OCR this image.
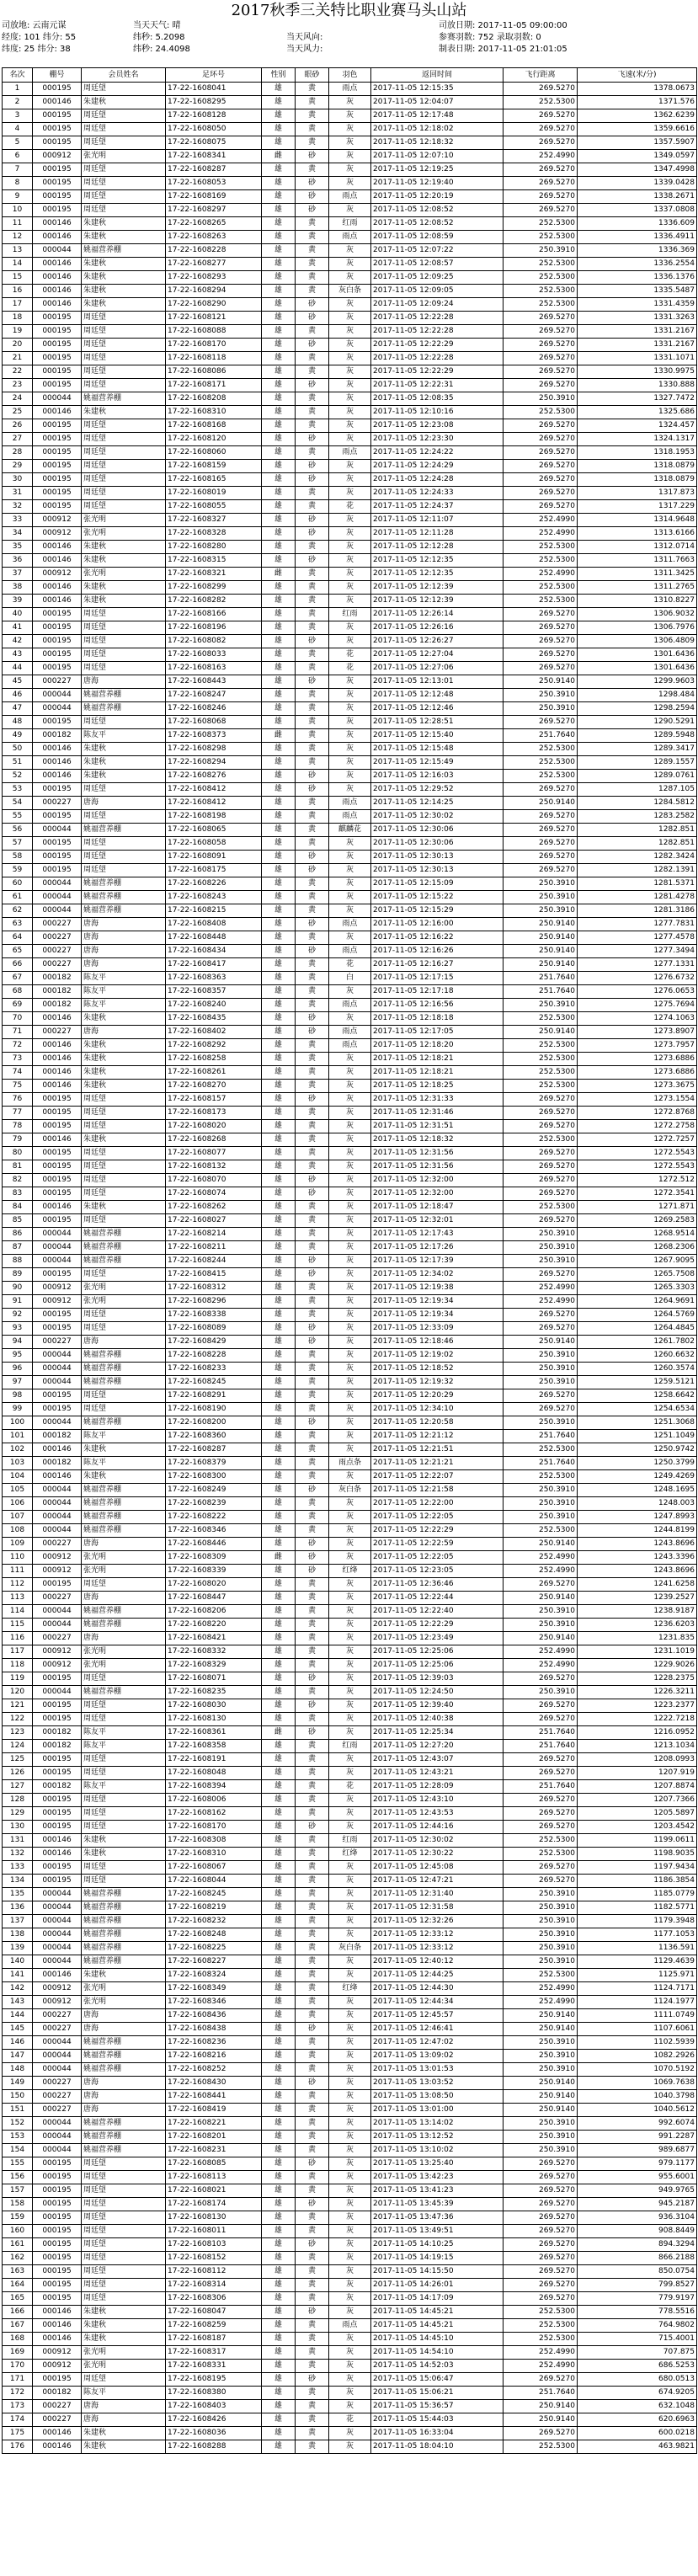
2017秋季三关特比职业赛马头山站
司放地: 云南元谋	当天天气: 晴	司放日期: 2017-11-05 09:00:00
经度: 101 纬分: 55	纬秒: 5.2098	当天风向:	参赛羽数: 752 录取羽数: 0
纬度: 25 纬分: 38	纬秒: 24.4098	当天风力:	制表日期: 2017-11-05 21:01:05
名次	棚号	会员姓名	足环号	性别	眼砂	羽色	返回时间	飞行距离	飞速(米/分)
1	000195	周廷望	17-22-1608041	雄	黄	雨点	2017-11-05 12:15:35	269.5270	1378.0673
2	000146	朱建秋	17-22-1608295	雄	黄	灰	2017-11-05 12:04:07	252.5300	1371.576
3	000195	周廷望	17-22-1608128	雄	黄	灰	2017-11-05 12:17:48	269.5270	1362.6239
4	000195	周廷望	17-22-1608050	雄	黄	灰	2017-11-05 12:18:02	269.5270	1359.6616
5	000195	周廷望	17-22-1608075	雄	黄	灰	2017-11-05 12:18:32	269.5270	1357.5907
6	000912	张光明	17-22-1608341	雌	砂	灰	2017-11-05 12:07:10	252.4990	1349.0597
7	000195	周廷望	17-22-1608287	雄	黄	灰	2017-11-05 12:19:25	269.5270	1347.4998
8	000195	周廷望	17-22-1608053	雄	砂	灰	2017-11-05 12:19:40	269.5270	1339.0428
9	000195	周廷望	17-22-1608169	雄	砂	雨点	2017-11-05 12:20:19	269.5270	1338.2671
10	000195	周廷望	17-22-1608297	雄	砂	灰	2017-11-05 12:08:52	269.5270	1337.0808
11	000146	朱建秋	17-22-1608265	雄	黄	红雨	2017-11-05 12:08:52	252.5300	1336.609
12	000146	朱建秋	17-22-1608263	雄	黄	雨点	2017-11-05 12:08:59	252.5300	1336.4911
13	000044	姚福营养棚	17-22-1608228	雄	黄	灰	2017-11-05 12:07:22	250.3910	1336.369
14	000146	朱建秋	17-22-1608277	雄	黄	灰	2017-11-05 12:08:57	252.5300	1336.2554
15	000146	朱建秋	17-22-1608293	雄	黄	灰	2017-11-05 12:09:25	252.5300	1336.1376
16	000146	朱建秋	17-22-1608294	雄	黄	灰白条	2017-11-05 12:09:05	252.5300	1335.5487
17	000146	朱建秋	17-22-1608290	雄	砂	灰	2017-11-05 12:09:24	252.5300	1331.4359
18	000195	周廷望	17-22-1608121	雄	砂	灰	2017-11-05 12:22:28	269.5270	1331.3263
19	000195	周廷望	17-22-1608088	雄	黄	灰	2017-11-05 12:22:28	269.5270	1331.2167
20	000195	周廷望	17-22-1608170	雄	砂	灰	2017-11-05 12:22:29	269.5270	1331.2167
21	000195	周廷望	17-22-1608118	雄	黄	灰	2017-11-05 12:22:28	269.5270	1331.1071
22	000195	周廷望	17-22-1608086	雄	黄	灰	2017-11-05 12:22:29	269.5270	1330.9975
23	000195	周廷望	17-22-1608171	雄	砂	灰	2017-11-05 12:22:31	269.5270	1330.888
24	000044	姚福营养棚	17-22-1608208	雄	黄	灰	2017-11-05 12:08:35	250.3910	1327.7472
25	000146	朱建秋	17-22-1608310	雄	黄	灰	2017-11-05 12:10:16	252.5300	1325.686
26	000195	周廷望	17-22-1608168	雄	黄	灰	2017-11-05 12:23:08	269.5270	1324.457
27	000195	周廷望	17-22-1608120	雄	砂	灰	2017-11-05 12:23:30	269.5270	1324.1317
28	000195	周廷望	17-22-1608060	雄	黄	雨点	2017-11-05 12:24:22	269.5270	1318.1953
29	000195	周廷望	17-22-1608159	雄	砂	灰	2017-11-05 12:24:29	269.5270	1318.0879
30	000195	周廷望	17-22-1608165	雄	砂	灰	2017-11-05 12:24:28	269.5270	1318.0879
31	000195	周廷望	17-22-1608019	雄	黄	灰	2017-11-05 12:24:33	269.5270	1317.873
32	000195	周廷望	17-22-1608055	雄	黄	花	2017-11-05 12:24:37	269.5270	1317.229
33	000912	张光明	17-22-1608327	雄	砂	灰	2017-11-05 12:11:07	252.4990	1314.9648
34	000912	张光明	17-22-1608328	雄	砂	灰	2017-11-05 12:11:28	252.4990	1313.6166
35	000146	朱建秋	17-22-1608280	雄	黄	灰	2017-11-05 12:12:28	252.5300	1312.0714
36	000146	朱建秋	17-22-1608315	雄	砂	灰	2017-11-05 12:12:35	252.5300	1311.7663
37	000912	张光明	17-22-1608321	雌	黄	灰	2017-11-05 12:12:35	252.4990	1311.3425
38	000146	朱建秋	17-22-1608299	雄	黄	灰	2017-11-05 12:12:39	252.5300	1311.2765
39	000146	朱建秋	17-22-1608282	雄	黄	灰	2017-11-05 12:12:39	252.5300	1310.8227
40	000195	周廷望	17-22-1608166	雄	黄	红雨	2017-11-05 12:26:14	269.5270	1306.9032
41	000195	周廷望	17-22-1608196	雄	黄	灰	2017-11-05 12:26:16	269.5270	1306.7976
42	000195	周廷望	17-22-1608082	雄	砂	灰	2017-11-05 12:26:27	269.5270	1306.4809
43	000195	周廷望	17-22-1608033	雄	黄	花	2017-11-05 12:27:04	269.5270	1301.6436
44	000195	周廷望	17-22-1608163	雄	黄	花	2017-11-05 12:27:06	269.5270	1301.6436
45	000227	唐海	17-22-1608443	雄	砂	灰	2017-11-05 12:13:01	250.9140	1299.9603
46	000044	姚福营养棚	17-22-1608247	雄	黄	灰	2017-11-05 12:12:48	250.3910	1298.484
47	000044	姚福营养棚	17-22-1608246	雄	黄	灰	2017-11-05 12:12:46	250.3910	1298.2594
48	000195	周廷望	17-22-1608068	雄	黄	灰	2017-11-05 12:28:51	269.5270	1290.5291
49	000182	陈友平	17-22-1608373	雌	黄	灰	2017-11-05 12:15:40	251.7640	1289.5948
50	000146	朱建秋	17-22-1608298	雄	黄	灰	2017-11-05 12:15:48	252.5300	1289.3417
51	000146	朱建秋	17-22-1608294	雄	黄	灰	2017-11-05 12:15:49	252.5300	1289.1557
52	000146	朱建秋	17-22-1608276	雄	砂	灰	2017-11-05 12:16:03	252.5300	1289.0761
53	000195	周廷望	17-22-1608412	雄	砂	灰	2017-11-05 12:29:52	269.5270	1287.105
54	000227	唐海	17-22-1608412	雄	黄	雨点	2017-11-05 12:14:25	250.9140	1284.5812
55	000195	周廷望	17-22-1608198	雄	黄	雨点	2017-11-05 12:30:02	269.5270	1283.2582
56	000044	姚福营养棚	17-22-1608065	雄	黄	麒麟花	2017-11-05 12:30:06	269.5270	1282.851
57	000195	周廷望	17-22-1608058	雄	黄	灰	2017-11-05 12:30:06	269.5270	1282.851
58	000195	周廷望	17-22-1608091	雄	砂	灰	2017-11-05 12:30:13	269.5270	1282.3424
59	000195	周廷望	17-22-1608175	雄	砂	灰	2017-11-05 12:30:13	269.5270	1282.1391
60	000044	姚福营养棚	17-22-1608226	雄	黄	灰	2017-11-05 12:15:09	250.3910	1281.5371
61	000044	姚福营养棚	17-22-1608243	雄	黄	灰	2017-11-05 12:15:22	250.3910	1281.4278
62	000044	姚福营养棚	17-22-1608215	雄	黄	灰	2017-11-05 12:15:29	250.3910	1281.3186
63	000227	唐海	17-22-1608408	雄	砂	雨点	2017-11-05 12:16:00	250.9140	1277.7831
64	000227	唐海	17-22-1608448	雄	黄	灰	2017-11-05 12:16:22	250.9140	1277.4578
65	000227	唐海	17-22-1608434	雄	砂	雨点	2017-11-05 12:16:26	250.9140	1277.3494
66	000227	唐海	17-22-1608417	雄	黄	花	2017-11-05 12:16:27	250.9140	1277.1331
67	000182	陈友平	17-22-1608363	雄	黄	白	2017-11-05 12:17:15	251.7640	1276.6732
68	000182	陈友平	17-22-1608357	雄	黄	灰	2017-11-05 12:17:18	251.7640	1276.0653
69	000182	陈友平	17-22-1608240	雄	黄	雨点	2017-11-05 12:16:56	250.3910	1275.7694
70	000146	朱建秋	17-22-1608435	雄	砂	灰	2017-11-05 12:18:18	252.5300	1274.1063
71	000227	唐海	17-22-1608402	雄	砂	雨点	2017-11-05 12:17:05	250.9140	1273.8907
72	000146	朱建秋	17-22-1608292	雄	黄	雨点	2017-11-05 12:18:20	252.5300	1273.7957
73	000146	朱建秋	17-22-1608258	雄	黄	灰	2017-11-05 12:18:21	252.5300	1273.6886
74	000146	朱建秋	17-22-1608261	雄	黄	灰	2017-11-05 12:18:21	252.5300	1273.6886
75	000146	朱建秋	17-22-1608270	雄	黄	灰	2017-11-05 12:18:25	252.5300	1273.3675
76	000195	周廷望	17-22-1608157	雄	砂	灰	2017-11-05 12:31:33	269.5270	1273.1554
77	000195	周廷望	17-22-1608173	雄	黄	灰	2017-11-05 12:31:46	269.5270	1272.8768
78	000195	周廷望	17-22-1608020	雄	黄	灰	2017-11-05 12:31:51	269.5270	1272.2758
79	000146	朱建秋	17-22-1608268	雄	黄	灰	2017-11-05 12:18:32	252.5300	1272.7257
80	000195	周廷望	17-22-1608077	雄	黄	灰	2017-11-05 12:31:56	269.5270	1272.5543
81	000195	周廷望	17-22-1608132	雄	黄	灰	2017-11-05 12:31:56	269.5270	1272.5543
82	000195	周廷望	17-22-1608070	雄	砂	灰	2017-11-05 12:32:00	269.5270	1272.512
83	000195	周廷望	17-22-1608074	雄	砂	灰	2017-11-05 12:32:00	269.5270	1272.3541
84	000146	朱建秋	17-22-1608262	雄	黄	灰	2017-11-05 12:18:47	252.5300	1271.871
85	000195	周廷望	17-22-1608027	雄	黄	灰	2017-11-05 12:32:01	269.5270	1269.2583
86	000044	姚福营养棚	17-22-1608214	雄	黄	灰	2017-11-05 12:17:43	250.3910	1268.9514
87	000044	姚福营养棚	17-22-1608211	雄	黄	灰	2017-11-05 12:17:26	250.3910	1268.2306
88	000044	姚福营养棚	17-22-1608244	雄	砂	灰	2017-11-05 12:17:39	250.3910	1267.9095
89	000195	周廷望	17-22-1608415	雄	砂	灰	2017-11-05 12:34:02	269.5270	1265.7508
90	000912	张光明	17-22-1608312	雄	黄	灰	2017-11-05 12:19:38	252.4990	1265.3303
91	000912	张光明	17-22-1608296	雄	黄	灰	2017-11-05 12:19:34	252.4990	1264.9691
92	000195	周廷望	17-22-1608338	雄	黄	灰	2017-11-05 12:19:34	269.5270	1264.5769
93	000195	周廷望	17-22-1608089	雄	砂	灰	2017-11-05 12:33:09	269.5270	1264.4845
94	000227	唐海	17-22-1608429	雄	砂	灰	2017-11-05 12:18:46	250.9140	1261.7802
95	000044	姚福营养棚	17-22-1608228	雄	黄	灰	2017-11-05 12:19:02	250.3910	1260.6632
96	000044	姚福营养棚	17-22-1608233	雄	黄	灰	2017-11-05 12:18:52	250.3910	1260.3574
97	000044	姚福营养棚	17-22-1608245	雄	黄	灰	2017-11-05 12:19:32	250.3910	1259.5121
98	000195	周廷望	17-22-1608291	雄	黄	灰	2017-11-05 12:20:29	269.5270	1258.6642
99	000195	周廷望	17-22-1608190	雄	黄	灰	2017-11-05 12:34:10	269.5270	1254.6534
100	000044	姚福营养棚	17-22-1608200	雄	砂	灰	2017-11-05 12:20:58	250.3910	1251.3068
101	000182	陈友平	17-22-1608360	雄	黄	灰	2017-11-05 12:21:12	251.7640	1251.1049
102	000146	朱建秋	17-22-1608287	雄	黄	灰	2017-11-05 12:21:51	252.5300	1250.9742
103	000182	陈友平	17-22-1608379	雄	黄	雨点条	2017-11-05 12:21:21	251.7640	1250.3799
104	000146	朱建秋	17-22-1608300	雄	黄	灰	2017-11-05 12:22:07	252.5300	1249.4269
105	000044	姚福营养棚	17-22-1608249	雄	砂	灰白条	2017-11-05 12:21:58	250.3910	1248.1695
106	000044	姚福营养棚	17-22-1608239	雄	黄	灰	2017-11-05 12:22:00	250.3910	1248.003
107	000044	姚福营养棚	17-22-1608222	雄	黄	灰	2017-11-05 12:22:05	250.3910	1247.8993
108	000044	姚福营养棚	17-22-1608346	雄	黄	灰	2017-11-05 12:22:29	252.5300	1244.8199
109	000227	唐海	17-22-1608446	雄	砂	灰	2017-11-05 12:22:59	250.9140	1243.8696
110	000912	张光明	17-22-1608309	雌	砂	灰	2017-11-05 12:22:05	252.4990	1243.3396
111	000912	张光明	17-22-1608339	雄	砂	红绛	2017-11-05 12:23:05	252.4990	1243.8696
112	000195	周廷望	17-22-1608020	雄	黄	灰	2017-11-05 12:36:46	269.5270	1241.6258
113	000227	唐海	17-22-1608447	雄	黄	灰	2017-11-05 12:22:44	250.9140	1239.2527
114	000044	姚福营养棚	17-22-1608206	雄	黄	灰	2017-11-05 12:22:40	250.3910	1238.9187
115	000044	姚福营养棚	17-22-1608220	雄	黄	灰	2017-11-05 12:22:29	250.3910	1236.6203
116	000227	唐海	17-22-1608421	雄	黄	灰	2017-11-05 12:23:49	250.9140	1231.835
117	000912	张光明	17-22-1608332	雄	黄	灰	2017-11-05 12:25:06	252.4990	1231.1019
118	000912	张光明	17-22-1608329	雄	黄	灰	2017-11-05 12:25:06	252.4990	1229.9026
119	000195	周廷望	17-22-1608071	雄	砂	灰	2017-11-05 12:39:03	269.5270	1228.2375
120	000044	姚福营养棚	17-22-1608235	雄	黄	灰	2017-11-05 12:24:50	250.3910	1226.3211
121	000195	周廷望	17-22-1608030	雄	砂	灰	2017-11-05 12:39:40	269.5270	1223.2377
122	000195	周廷望	17-22-1608130	雄	黄	灰	2017-11-05 12:40:38	269.5270	1222.7218
123	000182	陈友平	17-22-1608361	雌	砂	灰	2017-11-05 12:25:34	251.7640	1216.0952
124	000182	陈友平	17-22-1608358	雄	黄	红雨	2017-11-05 12:27:20	251.7640	1213.1034
125	000195	周廷望	17-22-1608191	雄	黄	灰	2017-11-05 12:43:07	269.5270	1208.0993
126	000195	周廷望	17-22-1608048	雄	黄	灰	2017-11-05 12:43:21	269.5270	1207.919
127	000182	陈友平	17-22-1608394	雄	黄	花	2017-11-05 12:28:09	251.7640	1207.8874
128	000195	周廷望	17-22-1608006	雄	黄	灰	2017-11-05 12:43:10	269.5270	1207.7366
129	000195	周廷望	17-22-1608162	雄	黄	灰	2017-11-05 12:43:53	269.5270	1205.5897
130	000195	周廷望	17-22-1608170	雄	砂	灰	2017-11-05 12:44:16	269.5270	1203.4542
131	000146	朱建秋	17-22-1608308	雄	黄	红雨	2017-11-05 12:30:02	252.5300	1199.0611
132	000146	朱建秋	17-22-1608310	雄	黄	红绛	2017-11-05 12:30:22	252.5300	1198.9035
133	000195	周廷望	17-22-1608067	雄	黄	灰	2017-11-05 12:45:08	269.5270	1197.9434
134	000195	周廷望	17-22-1608044	雄	黄	灰	2017-11-05 12:47:21	269.5270	1186.3854
135	000044	姚福营养棚	17-22-1608245	雄	黄	灰	2017-11-05 12:31:40	250.3910	1185.0779
136	000044	姚福营养棚	17-22-1608219	雄	黄	灰	2017-11-05 12:31:58	250.3910	1182.5771
137	000044	姚福营养棚	17-22-1608232	雄	黄	灰	2017-11-05 12:32:26	250.3910	1179.3948
138	000044	姚福营养棚	17-22-1608248	雄	黄	灰	2017-11-05 12:33:12	250.3910	1177.1053
139	000044	姚福营养棚	17-22-1608225	雄	黄	灰白条	2017-11-05 12:33:12	250.3910	1136.591
140	000044	姚福营养棚	17-22-1608227	雄	黄	灰	2017-11-05 12:40:12	250.3910	1129.4639
141	000146	朱建秋	17-22-1608324	雄	黄	灰	2017-11-05 12:44:25	252.5300	1125.971
142	000912	张光明	17-22-1608349	雄	黄	红绛	2017-11-05 12:44:30	252.4990	1124.7171
143	000912	张光明	17-22-1608346	雄	黄	灰	2017-11-05 12:44:34	252.4990	1124.1977
144	000227	唐海	17-22-1608436	雄	黄	灰	2017-11-05 12:45:57	250.9140	1111.0749
145	000227	唐海	17-22-1608438	雄	砂	灰	2017-11-05 12:46:41	250.9140	1107.6061
146	000044	姚福营养棚	17-22-1608236	雄	黄	灰	2017-11-05 12:47:02	250.3910	1102.5939
147	000044	姚福营养棚	17-22-1608216	雄	黄	灰	2017-11-05 13:09:02	250.3910	1082.2926
148	000044	姚福营养棚	17-22-1608252	雄	黄	灰	2017-11-05 13:01:53	250.3910	1070.5192
149	000227	唐海	17-22-1608430	雄	砂	灰	2017-11-05 13:03:52	250.9140	1069.7638
150	000227	唐海	17-22-1608441	雄	黄	灰	2017-11-05 13:08:50	250.9140	1040.3798
151	000227	唐海	17-22-1608419	雄	黄	灰	2017-11-05 13:01:00	250.9140	1040.5612
152	000044	姚福营养棚	17-22-1608221	雄	黄	灰	2017-11-05 13:14:02	250.3910	992.6074
153	000044	姚福营养棚	17-22-1608201	雄	黄	灰	2017-11-05 13:12:52	250.3910	991.2287
154	000044	姚福营养棚	17-22-1608231	雄	黄	灰	2017-11-05 13:10:02	250.3910	989.6877
155	000195	周廷望	17-22-1608085	雄	砂	灰	2017-11-05 13:25:40	269.5270	979.1177
156	000195	周廷望	17-22-1608113	雄	黄	灰	2017-11-05 13:42:23	269.5270	955.6001
157	000195	周廷望	17-22-1608021	雄	黄	灰	2017-11-05 13:41:23	269.5270	949.9765
158	000195	周廷望	17-22-1608174	雄	砂	灰	2017-11-05 13:45:39	269.5270	945.2187
159	000195	周廷望	17-22-1608130	雄	黄	灰	2017-11-05 13:47:36	269.5270	936.3104
160	000195	周廷望	17-22-1608011	雄	黄	灰	2017-11-05 13:49:51	269.5270	908.8449
161	000195	周廷望	17-22-1608103	雄	砂	灰	2017-11-05 14:10:25	269.5270	894.3294
162	000195	周廷望	17-22-1608152	雄	黄	灰	2017-11-05 14:19:15	269.5270	866.2188
163	000195	周廷望	17-22-1608112	雄	黄	灰	2017-11-05 14:15:50	269.5270	850.0754
164	000195	周廷望	17-22-1608314	雄	黄	灰	2017-11-05 14:26:01	269.5270	799.8527
165	000195	周廷望	17-22-1608306	雄	黄	灰	2017-11-05 14:17:09	269.5270	779.9197
166	000146	朱建秋	17-22-1608047	雄	砂	灰	2017-11-05 14:45:21	252.5300	778.5516
167	000146	朱建秋	17-22-1608259	雄	黄	雨点	2017-11-05 14:45:21	252.5300	764.9802
168	000146	朱建秋	17-22-1608187	雄	黄	灰	2017-11-05 14:45:10	252.5300	715.4001
169	000912	张光明	17-22-1608317	雄	黄	灰	2017-11-05 14:54:10	252.4990	707.875
170	000912	张光明	17-22-1608331	雄	黄	灰	2017-11-05 14:52:03	252.4990	686.5253
171	000195	周廷望	17-22-1608195	雄	砂	灰	2017-11-05 15:06:47	269.5270	680.0513
172	000182	陈友平	17-22-1608380	雄	黄	灰	2017-11-05 15:06:21	251.7640	674.9205
173	000227	唐海	17-22-1608403	雄	黄	灰	2017-11-05 15:36:57	250.9140	632.1048
174	000227	唐海	17-22-1608426	雄	黄	花	2017-11-05 15:44:03	250.9140	620.6963
175	000146	朱建秋	17-22-1608036	雄	黄	灰	2017-11-05 16:33:04	269.5270	600.0218
176	000146	朱建秋	17-22-1608288	雄	黄	灰	2017-11-05 18:04:10	252.5300	463.9821
